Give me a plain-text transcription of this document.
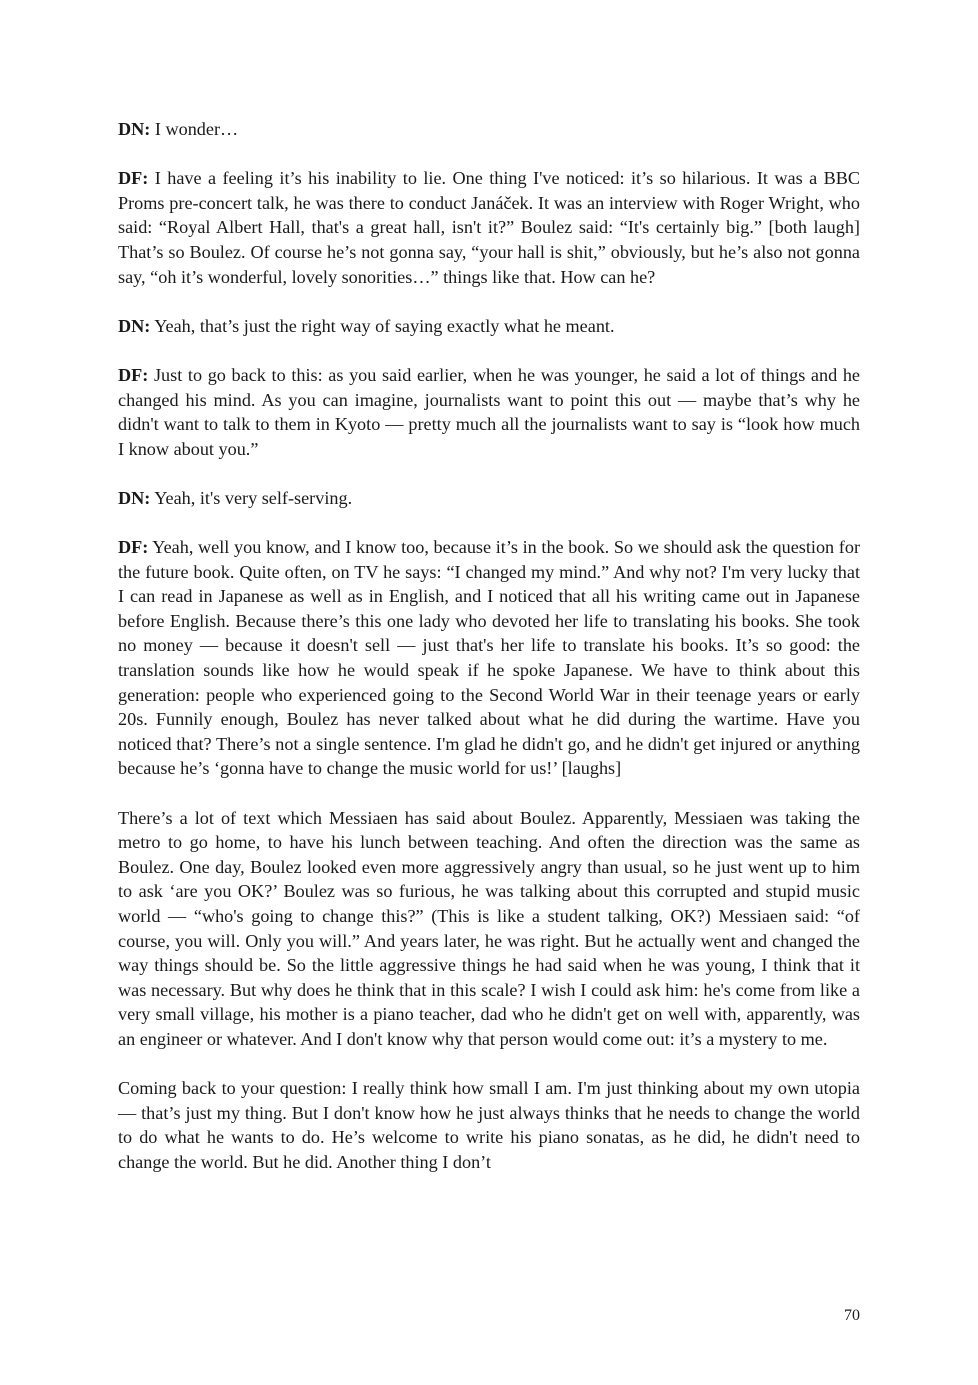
DN: I wonder…

DF: I have a feeling it’s his inability to lie. One thing I've noticed: it’s so hilarious. It was a BBC Proms pre-concert talk, he was there to conduct Janáček. It was an interview with Roger Wright, who said: “Royal Albert Hall, that's a great hall, isn't it?” Boulez said: “It's certainly big.” [both laugh] That’s so Boulez. Of course he’s not gonna say, “your hall is shit,” obviously, but he’s also not gonna say, “oh it’s wonderful, lovely sonorities…” things like that. How can he?

DN: Yeah, that’s just the right way of saying exactly what he meant.

DF: Just to go back to this: as you said earlier, when he was younger, he said a lot of things and he changed his mind. As you can imagine, journalists want to point this out — maybe that’s why he didn't want to talk to them in Kyoto — pretty much all the journalists want to say is “look how much I know about you.”

DN: Yeah, it's very self-serving.

DF: Yeah, well you know, and I know too, because it’s in the book. So we should ask the question for the future book. Quite often, on TV he says: “I changed my mind.” And why not? I'm very lucky that I can read in Japanese as well as in English, and I noticed that all his writing came out in Japanese before English. Because there’s this one lady who devoted her life to translating his books. She took no money — because it doesn't sell — just that's her life to translate his books. It’s so good: the translation sounds like how he would speak if he spoke Japanese. We have to think about this generation: people who experienced going to the Second World War in their teenage years or early 20s. Funnily enough, Boulez has never talked about what he did during the wartime. Have you noticed that? There’s not a single sentence. I'm glad he didn't go, and he didn't get injured or anything because he’s ‘gonna have to change the music world for us!’ [laughs]

There’s a lot of text which Messiaen has said about Boulez. Apparently, Messiaen was taking the metro to go home, to have his lunch between teaching. And often the direction was the same as Boulez. One day, Boulez looked even more aggressively angry than usual, so he just went up to him to ask ‘are you OK?’ Boulez was so furious, he was talking about this corrupted and stupid music world — “who's going to change this?” (This is like a student talking, OK?) Messiaen said: “of course, you will. Only you will.” And years later, he was right. But he actually went and changed the way things should be. So the little aggressive things he had said when he was young, I think that it was necessary. But why does he think that in this scale? I wish I could ask him: he's come from like a very small village, his mother is a piano teacher, dad who he didn't get on well with, apparently, was an engineer or whatever. And I don't know why that person would come out: it’s a mystery to me.

Coming back to your question: I really think how small I am. I'm just thinking about my own utopia — that’s just my thing. But I don't know how he just always thinks that he needs to change the world to do what he wants to do. He’s welcome to write his piano sonatas, as he did, he didn't need to change the world. But he did. Another thing I don’t

70
